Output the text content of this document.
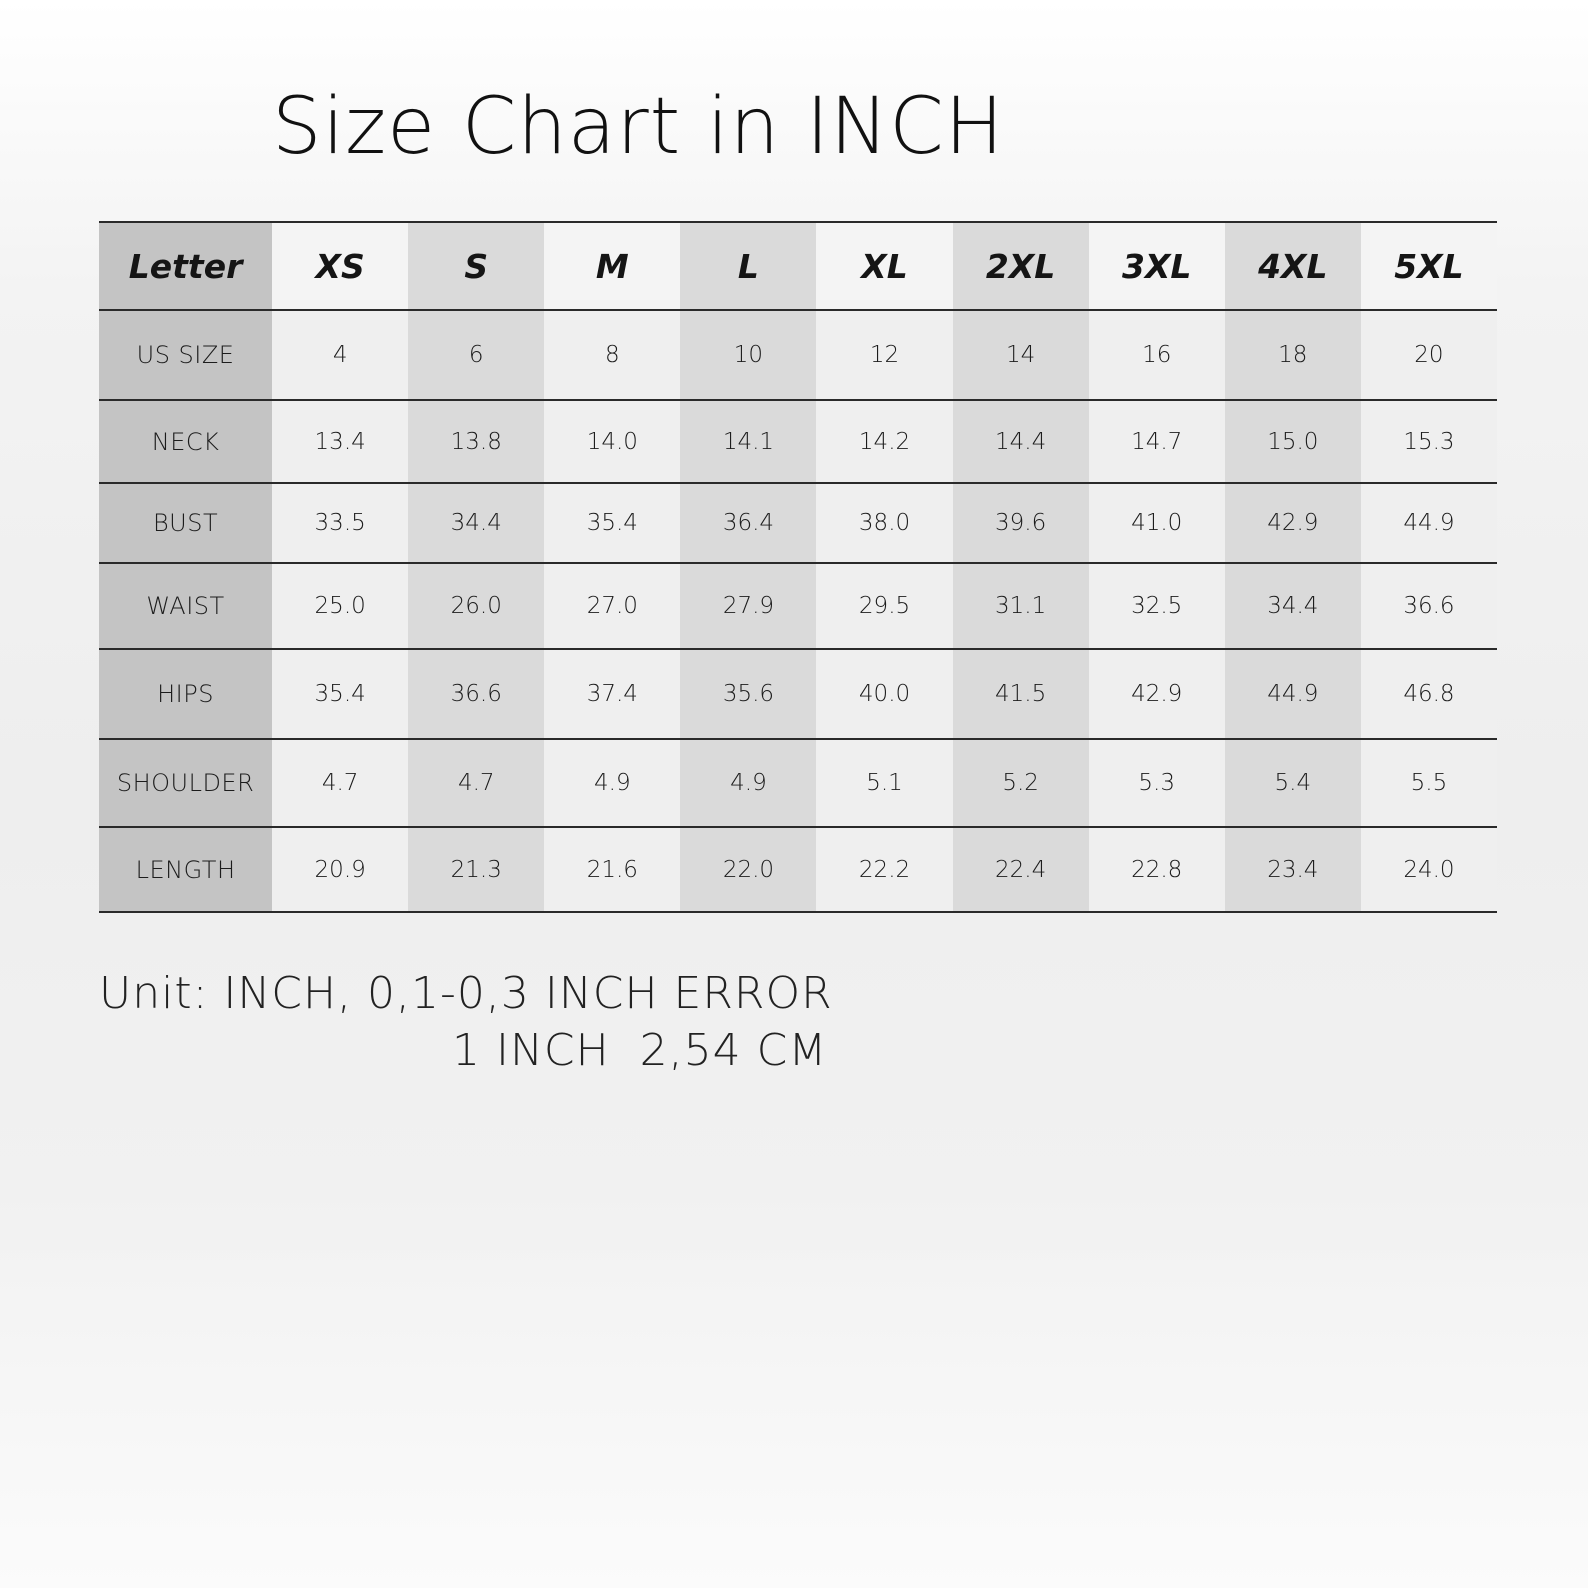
Size Chart in INCH
Letter	XS	S	M	L	XL	2XL	3XL	4XL	5XL
US SIZE	4	6	8	10	12	14	16	18	20
NECK	13.4	13.8	14.0	14.1	14.2	14.4	14.7	15.0	15.3
BUST	33.5	34.4	35.4	36.4	38.0	39.6	41.0	42.9	44.9
WAIST	25.0	26.0	27.0	27.9	29.5	31.1	32.5	34.4	36.6
HIPS	35.4	36.6	37.4	35.6	40.0	41.5	42.9	44.9	46.8
SHOULDER	4.7	4.7	4.9	4.9	5.1	5.2	5.3	5.4	5.5
LENGTH	20.9	21.3	21.6	22.0	22.2	22.4	22.8	23.4	24.0
Unit: INCH, 0,1-0,3 INCH ERROR
1 INCH  2,54 CM
